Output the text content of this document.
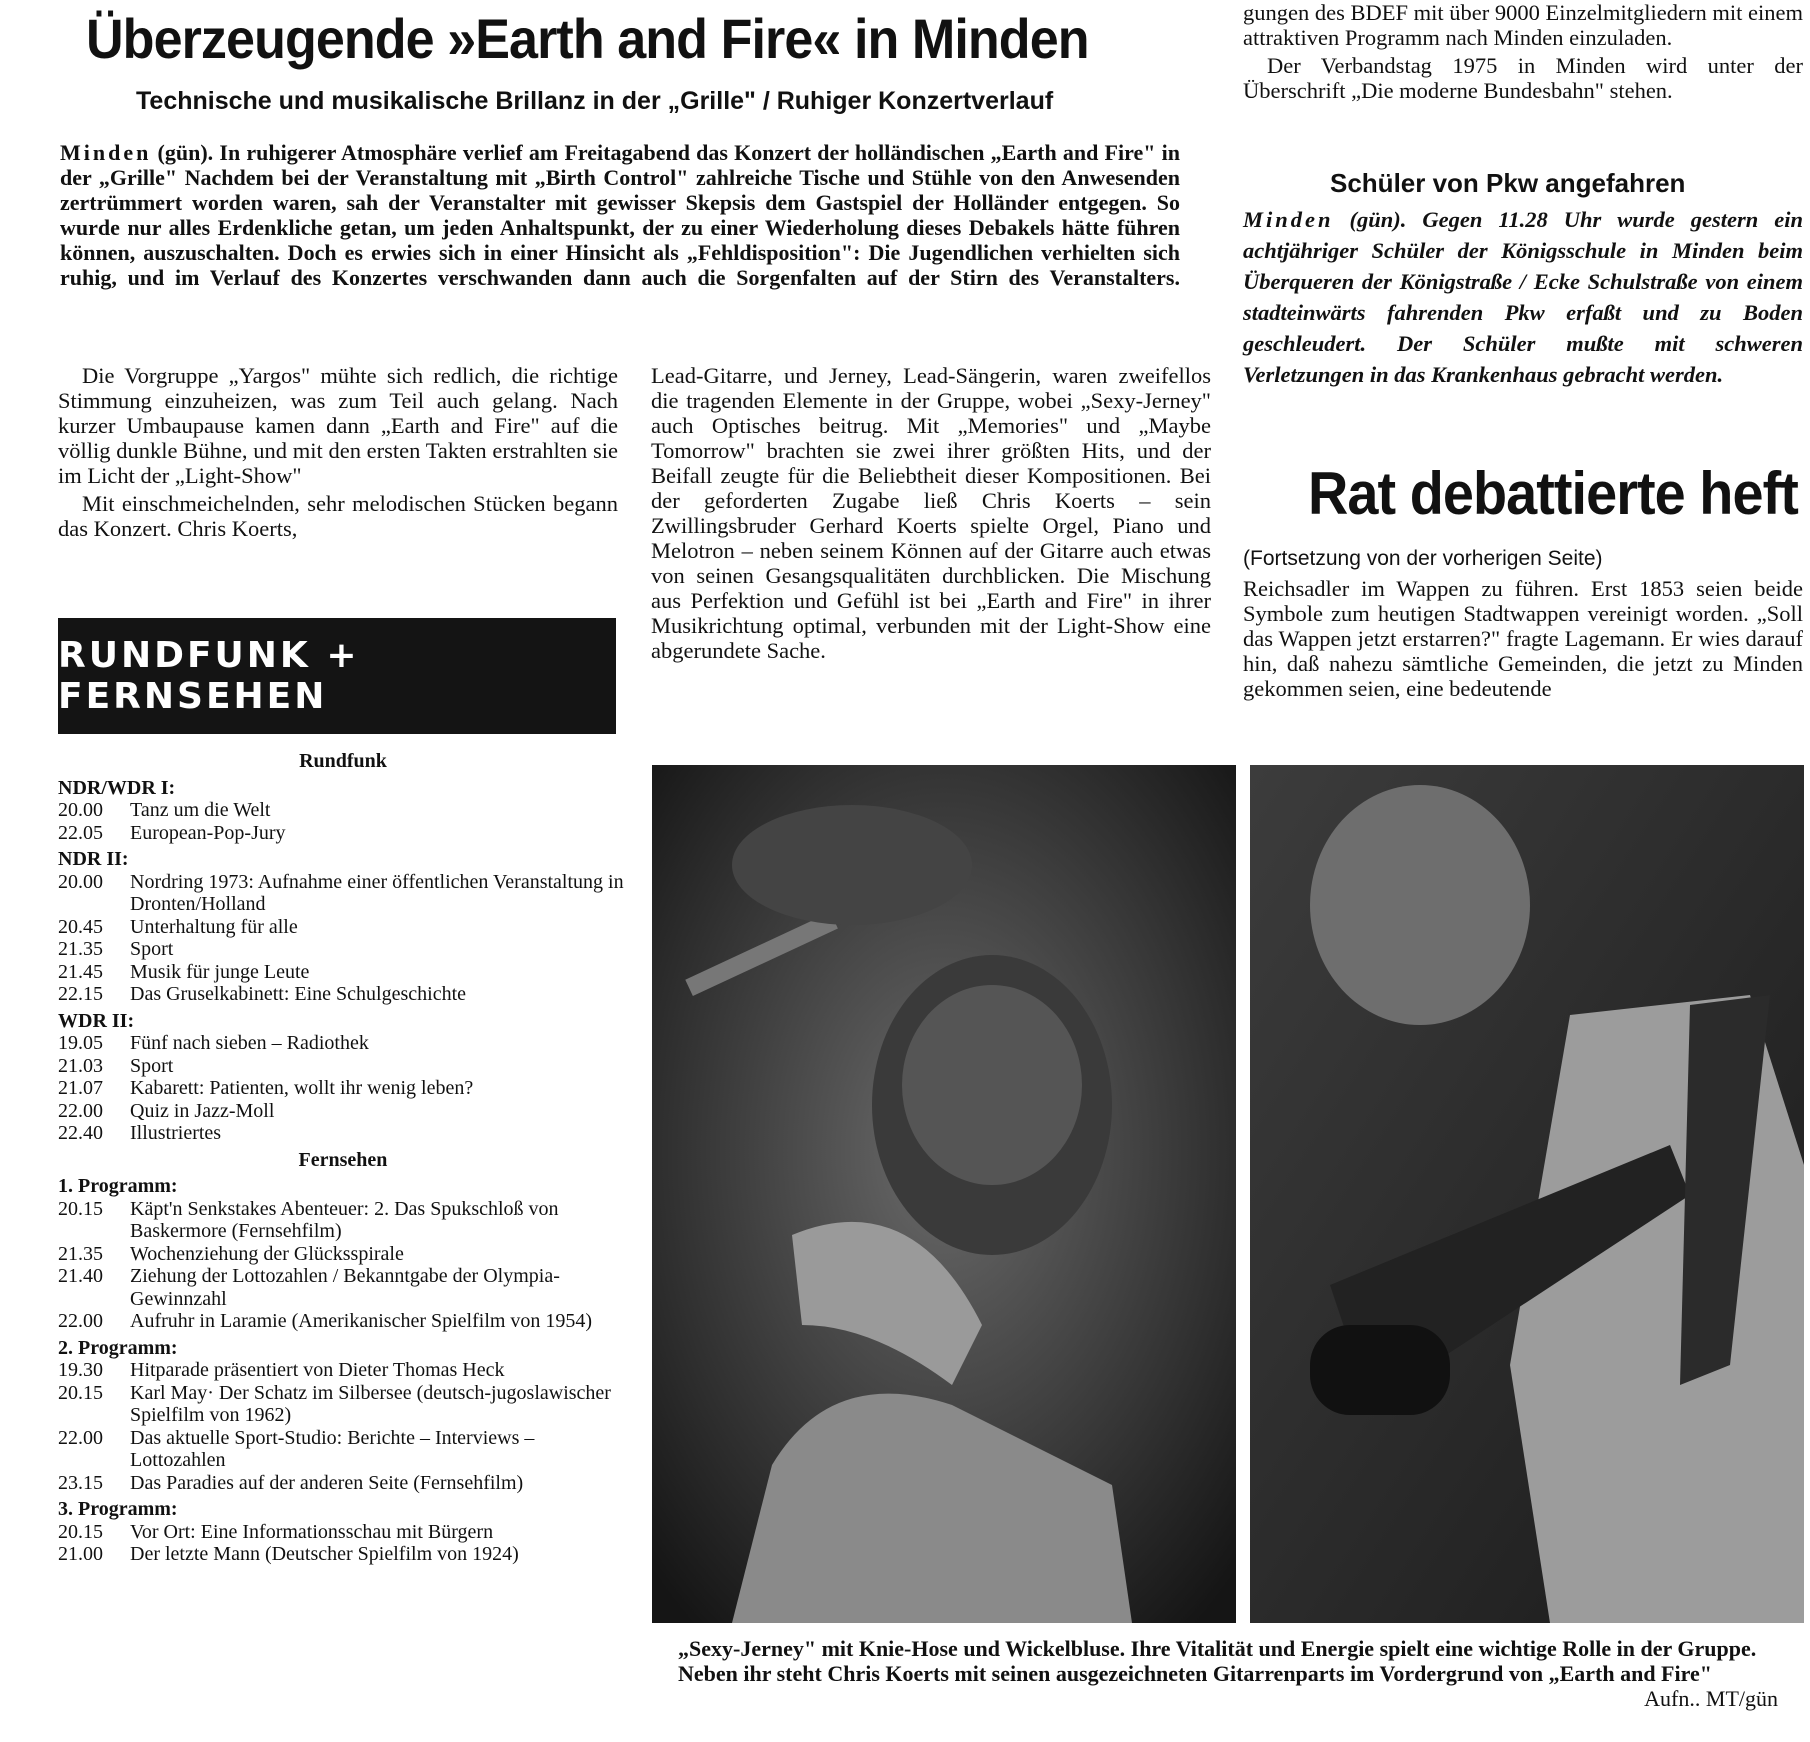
Überzeugende »Earth and Fire« in Minden
Technische und musikalische Brillanz in der „Grille" / Ruhiger Konzertverlauf

Minden (gün). In ruhigerer Atmosphäre verlief am Freitagabend das Konzert der holländischen „Earth and Fire" in der „Grille" Nachdem bei der Veranstaltung mit „Birth Control" zahlreiche Tische und Stühle von den Anwesenden zertrümmert worden waren, sah der Veranstalter mit gewisser Skepsis dem Gastspiel der Holländer entgegen. So wurde nur alles Erdenkliche getan, um jeden Anhaltspunkt, der zu einer Wiederholung dieses Debakels hätte führen können, auszuschalten. Doch es erwies sich in einer Hinsicht als „Fehldisposition": Die Jugendlichen verhielten sich ruhig, und im Verlauf des Konzertes verschwanden dann auch die Sorgenfalten auf der Stirn des Veranstalters.

Die Vorgruppe „Yargos" mühte sich redlich, die richtige Stimmung einzuheizen, was zum Teil auch gelang. Nach kurzer Umbaupause kamen dann „Earth and Fire" auf die völlig dunkle Bühne, und mit den ersten Takten erstrahlten sie im Licht der „Light-Show"

Mit einschmeichelnden, sehr melodischen Stücken begann das Konzert. Chris Koerts,

Lead-Gitarre, und Jerney, Lead-Sängerin, waren zweifellos die tragenden Elemente in der Gruppe, wobei „Sexy-Jerney" auch Optisches beitrug. Mit „Memories" und „Maybe Tomorrow" brachten sie zwei ihrer größten Hits, und der Beifall zeugte für die Beliebtheit dieser Kompositionen. Bei der geforderten Zugabe ließ Chris Koerts – sein Zwillingsbruder Gerhard Koerts spielte Orgel, Piano und Melotron – neben seinem Können auf der Gitarre auch etwas von seinen Gesangsqualitäten durchblicken. Die Mischung aus Perfektion und Gefühl ist bei „Earth and Fire" in ihrer Musikrichtung optimal, verbunden mit der Light-Show eine abgerundete Sache.

gungen des BDEF mit über 9000 Einzelmitgliedern mit einem attraktiven Programm nach Minden einzuladen.

Der Verbandstag 1975 in Minden wird unter der Überschrift „Die moderne Bundesbahn" stehen.

Schüler von Pkw angefahren
Minden (gün). Gegen 11.28 Uhr wurde gestern ein achtjähriger Schüler der Königsschule in Minden beim Überqueren der Königstraße / Ecke Schulstraße von einem stadteinwärts fahrenden Pkw erfaßt und zu Boden geschleudert. Der Schüler mußte mit schweren Verletzungen in das Krankenhaus gebracht werden.
Rat debattierte heft
(Fortsetzung von der vorherigen Seite)

Reichsadler im Wappen zu führen. Erst 1853 seien beide Symbole zum heutigen Stadtwappen vereinigt worden. „Soll das Wappen jetzt erstarren?" fragte Lagemann. Er wies darauf hin, daß nahezu sämtliche Gemeinden, die jetzt zu Minden gekommen seien, eine bedeutende

RUNDFUNK + FERNSEHEN
Rundfunk
NDR/WDR I:
20.00	Tanz um die Welt
22.05	European-Pop-Jury
NDR II:
20.00	Nordring 1973: Aufnahme einer öffentlichen Veranstaltung in Dronten/Holland
20.45	Unterhaltung für alle
21.35	Sport
21.45	Musik für junge Leute
22.15	Das Gruselkabinett: Eine Schulgeschichte
WDR II:
19.05	Fünf nach sieben – Radiothek
21.03	Sport
21.07	Kabarett: Patienten, wollt ihr wenig leben?
22.00	Quiz in Jazz-Moll
22.40	Illustriertes
Fernsehen
1. Programm:
20.15	Käpt'n Senkstakes Abenteuer: 2. Das Spukschloß von Baskermore (Fernsehfilm)
21.35	Wochenziehung der Glücksspirale
21.40	Ziehung der Lottozahlen / Bekanntgabe der Olympia-Gewinnzahl
22.00	Aufruhr in Laramie (Amerikanischer Spielfilm von 1954)
2. Programm:
19.30	Hitparade präsentiert von Dieter Thomas Heck
20.15	Karl May· Der Schatz im Silbersee (deutsch-jugoslawischer Spielfilm von 1962)
22.00	Das aktuelle Sport-Studio: Berichte – Interviews – Lottozahlen
23.15	Das Paradies auf der anderen Seite (Fernsehfilm)
3. Programm:
20.15	Vor Ort: Eine Informationsschau mit Bürgern
21.00	Der letzte Mann (Deutscher Spielfilm von 1924)
„Sexy-Jerney" mit Knie-Hose und Wickelbluse. Ihre Vitalität und Energie spielt eine wichtige Rolle in der Gruppe. Neben ihr steht Chris Koerts mit seinen ausgezeichneten Gitarrenparts im Vordergrund von „Earth and Fire"
Aufn.. MT/gün
